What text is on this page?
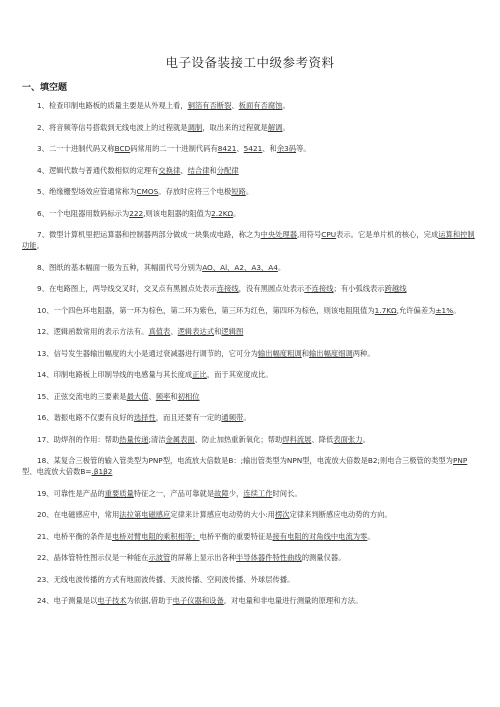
电子设备装接工中级参考资料
一、填空题
1、检查印制电路板的质量主要是从外观上看，铜箔有否断裂、板面有否腐蚀。
2、将音频等信号搭载到无线电波上的过程就是调制，取出来的过程就是解调。
3、二一十进制代码又称BCD码常用的二一十进制代码有8421、5421、和余3码等。
4、逻辑代数与普通代数相似的定理有交换律、结合律和分配律
5、绝缘栅型场效应管通常称为CMOS。存放时应将三个电极短路。
6、一个电阻器用数码标示为222,则该电阻器的阻值为2.2KΩ。
7、微型计算机里把运算器和控制器两部分做成一块集成电路，称之为中央处理器,用符号CPU表示。它是单片机的核心，完成运算和控制功能。
8、图纸的基本幅面一般为五种，其幅面代号分别为AO、Al、A2、A3、A4。
9、在电路图上，两导线交叉时，交叉点有黑圆点处表示连接线，没有黑圆点处表示不连接线；有小弧线表示跨越线
10、一个四色环电阻器，第一环为棕色，第二环为紫色，第三环为红色，第四环为棕色，则该电阻阻值为1.7KΩ,允许偏差为±1%。
12、逻辑函数常用的表示方法有。真值表、逻辑表达式和逻辑图
13、信号发生器输出幅度的大小是通过衰减器进行调节的，它可分为输出幅度粗调和输出幅度细调两种。
14、印制电路板上印制导线的电感量与其长度成正比，而于其宽度成比。
15、正弦交流电的三要素是最大值、频率和初相位
16、谐振电路不仅要有良好的选择性，而且还要有一定的通频带。
17、助焊剂的作用：帮助热量传递;清洁金属表面、防止加热重新氧化；帮助焊料流展、降低表面张力。
18、某复合三极管的输入管类型为PNP型，电流放大倍数是B：;输出管类型为NPN型，电流放大倍数是B2;则电合三极管的类型为PNP型、电流放大倍数B=.β1β2
19、可靠性是产品的重要质量特征之一，产品可靠就是故障少，连续工作时间长。
20、在电磁感应中，常用法拉第电磁感应定律来计算感应电动势的大小:用楞次定律来判断感应电动势的方向。
21、电桥平衡的条件是电桥对臂电阻的乘积相等；电桥平衡的重要特征是接有电阻的对角线中电流为零。
22、晶体管特性图示仪是一种能在示波管的屏幕上显示出各种半导体器件特性曲线的测量仪器。
23、无线电波传播的方式有地面波传播、天波传播、空间波传播、外球层传播。
24、电子测量是以电子技术为依据,借助于电子仪器和设备，对电量和非电量进行测量的原理和方法。
